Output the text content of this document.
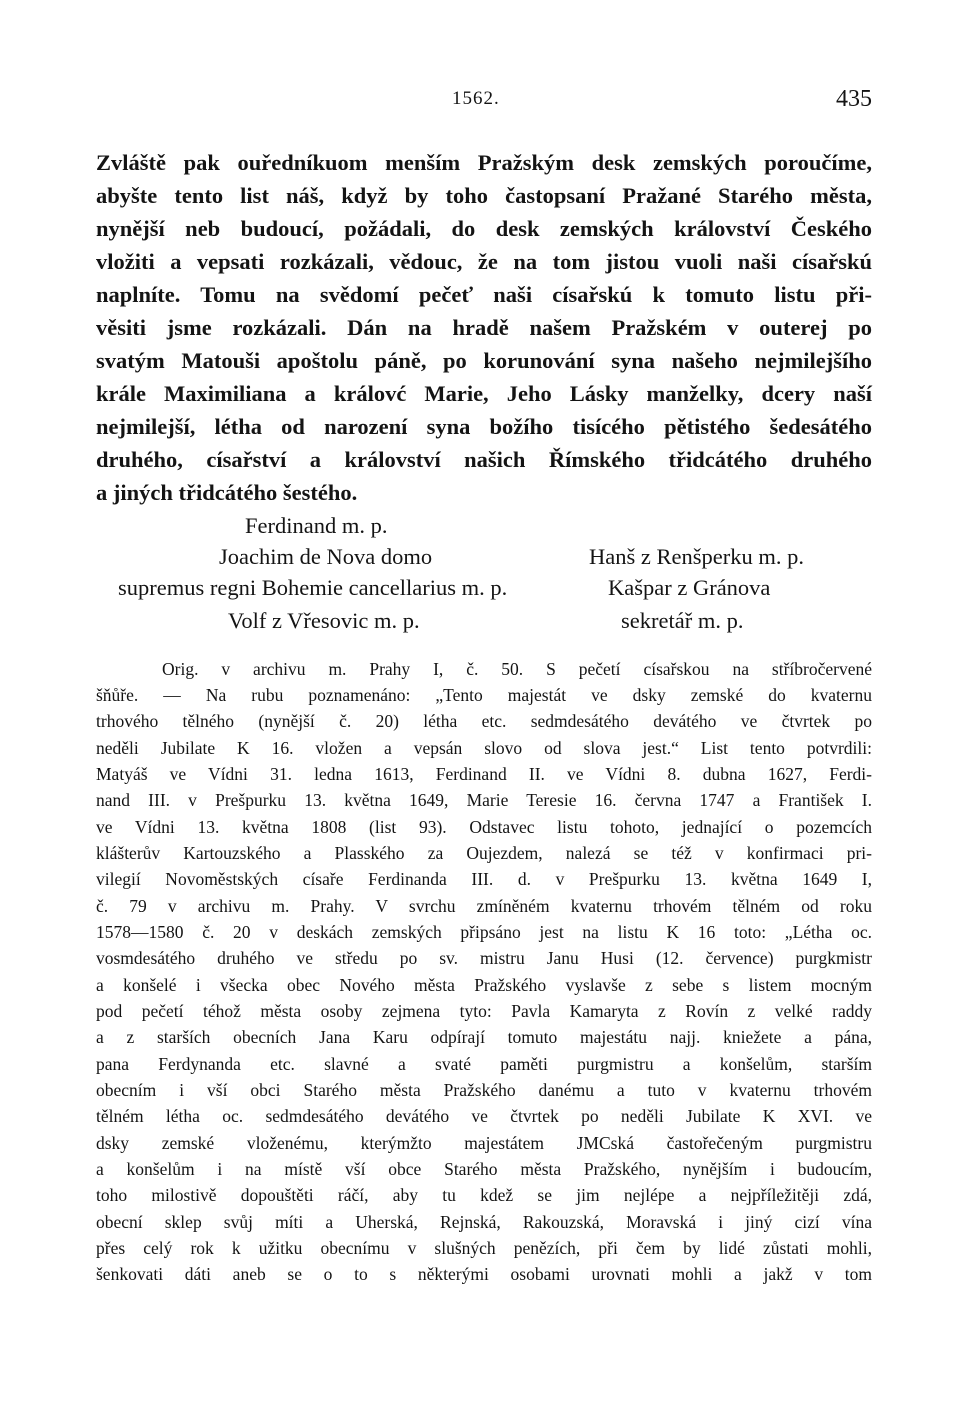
1562.	435
Zvláště pak ouředníkuom menším Pražským desk zemských poroučíme,
abyšte tento list náš, když by toho častopsaní Pražané Starého města,
nynější neb budoucí, požádali, do desk zemských království Českého
vložiti a vepsati rozkázali, vědouc, že na tom jistou vuoli naši císařskú
naplníte. Tomu na svědomí pečeť naši císařskú k tomuto listu při-
věsiti jsme rozkázali. Dán na hradě našem Pražském v outerej po
svatým Matouši apoštolu páně, po korunování syna našeho nejmilejšího
krále Maximiliana a královć Marie, Jeho Lásky manželky, dcery naší
nejmilejší, létha od narození syna božího tisícého pětistého šedesátého
druhého, císařství a království našich Římského třidcátého druhého
a jiných třidcátého šestého.
Ferdinand m. p.
Joachim de Nova domo
supremus regni Bohemie cancellarius m. p.
Volf z Vřesovic m. p.
Hanš z Renšperku m. p.
Kašpar z Gránova
sekretář m. p.
Orig. v archivu m. Prahy I, č. 50. S pečetí císařskou na stříbročervené
šňůře. — Na rubu poznamenáno: „Tento majestát ve dsky zemské do kvaternu
trhového tělného (nynější č. 20) létha etc. sedmdesátého devátého ve čtvrtek po
neděli Jubilate K 16. vložen a vepsán slovo od slova jest.“ List tento potvrdili:
Matyáš ve Vídni 31. ledna 1613, Ferdinand II. ve Vídni 8. dubna 1627, Ferdi-
nand III. v Prešpurku 13. května 1649, Marie Teresie 16. června 1747 a František I.
ve Vídni 13. května 1808 (list 93). Odstavec listu tohoto, jednající o pozemcích
klášterův Kartouzského a Plasského za Oujezdem, nalezá se též v konfirmaci pri-
vilegií Novoměstských císaře Ferdinanda III. d. v Prešpurku 13. května 1649 I,
č. 79 v archivu m. Prahy. V svrchu zmíněném kvaternu trhovém tělném od roku
1578—1580 č. 20 v deskách zemských připsáno jest na listu K 16 toto: „Létha oc.
vosmdesátého druhého ve středu po sv. mistru Janu Husi (12. července) purgkmistr
a konšelé i všecka obec Nového města Pražského vyslavše z sebe s listem mocným
pod pečetí téhož města osoby zejmena tyto: Pavla Kamaryta z Rovín z velké raddy
a z starších obecních Jana Karu odpírají tomuto majestátu najj. kniežete a pána,
pana Ferdynanda etc. slavné a svaté paměti purgmistru a konšelům, starším
obecním i vší obci Starého města Pražského danému a tuto v kvaternu trhovém
tělném létha oc. sedmdesátého devátého ve čtvrtek po neděli Jubilate K XVI. ve
dsky zemské vloženému, kterýmžto majestátem JMCská častořečeným purgmistru
a konšelům i na místě vší obce Starého města Pražského, nynějším i budoucím,
toho milostivě dopouštěti ráčí, aby tu kdež se jim nejlépe a nejpříležitěji zdá,
obecní sklep svůj míti a Uherská, Rejnská, Rakouzská, Moravská i jiný cizí vína
přes celý rok k užitku obecnímu v slušných penězích, při čem by lidé zůstati mohli,
šenkovati dáti aneb se o to s některými osobami urovnati mohli a jakž v tom
